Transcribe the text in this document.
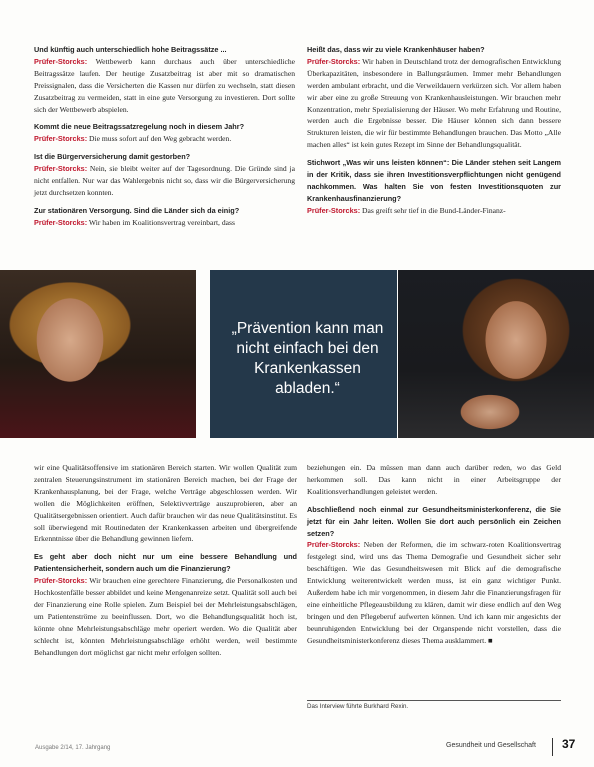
Und künftig auch unterschiedlich hohe Beitragssätze ...

Prüfer-Storcks: Wettbewerb kann durchaus auch über unterschiedliche Beitragssätze laufen. Der heutige Zusatzbeitrag ist aber mit so dramatischen Preissignalen, dass die Versicherten die Kassen nur dürfen zu wechseln, statt diesen Zusatzbeitrag zu vermeiden, statt in eine gute Versorgung zu investieren. Dort sollte sich der Wettbewerb abspielen.

Kommt die neue Beitragssatzregelung noch in diesem Jahr?

Prüfer-Storcks: Die muss sofort auf den Weg gebracht werden.

Ist die Bürgerversicherung damit gestorben?

Prüfer-Storcks: Nein, sie bleibt weiter auf der Tagesordnung. Die Gründe sind ja nicht entfallen. Nur war das Wahlergebnis nicht so, dass wir die Bürgerversicherung jetzt durchsetzen konnten.

Zur stationären Versorgung. Sind die Länder sich da einig?

Prüfer-Storcks: Wir haben im Koalitionsvertrag vereinbart, dass

Heißt das, dass wir zu viele Krankenhäuser haben?

Prüfer-Storcks: Wir haben in Deutschland trotz der demografischen Entwicklung Überkapazitäten, insbesondere in Ballungsräumen. Immer mehr Behandlungen werden ambulant erbracht, und die Verweildauern verkürzen sich. Vor allem haben wir aber eine zu große Streuung von Krankenhausleistungen. Wir brauchen mehr Konzentration, mehr Spezialisierung der Häuser. Wo mehr Erfahrung und Routine, werden auch die Ergebnisse besser. Die Häuser können sich dann bessere Strukturen leisten, die wir für bestimmte Behandlungen brauchen. Das Motto „Alle machen alles“ ist kein gutes Rezept im Sinne der Behandlungsqualität.

Stichwort „Was wir uns leisten können“: Die Länder stehen seit Langem in der Kritik, dass sie ihren Investitionsverpflichtungen nicht genügend nachkommen. Was halten Sie von festen Investitionsquoten zur Krankenhausfinanzierung?

Prüfer-Storcks: Das greift sehr tief in die Bund-Länder-Finanz-

„Prävention kann man nicht einfach bei den Krankenkassen abladen.“

wir eine Qualitätsoffensive im stationären Bereich starten. Wir wollen Qualität zum zentralen Steuerungsinstrument im stationären Bereich machen, bei der Frage der Krankenhausplanung, bei der Frage, welche Verträge abgeschlossen werden. Wir wollen die Möglichkeiten eröffnen, Selektivverträge auszuprobieren, aber an Qualitätsergebnissen orientiert. Auch dafür brauchen wir das neue Qualitätsinstitut. Es soll überwiegend mit Routinedaten der Krankenkassen arbeiten und übergreifende Erkenntnisse über die Behandlung gewinnen liefern.

Es geht aber doch nicht nur um eine bessere Behandlung und Patientensicherheit, sondern auch um die Finanzierung?

Prüfer-Storcks: Wir brauchen eine gerechtere Finanzierung, die Personalkosten und Hochkostenfälle besser abbildet und keine Mengenanreize setzt. Qualität soll auch bei der Finanzierung eine Rolle spielen. Zum Beispiel bei der Mehrleistungsabschlägen, um Patientenströme zu beeinflussen. Dort, wo die Behandlungsqualität hoch ist, könnte ohne Mehrleistungsabschläge mehr operiert werden. Wo die Qualität aber schlecht ist, könnten Mehrleistungsabschläge erhöht werden, weil bestimmte Behandlungen dort möglichst gar nicht mehr erfolgen sollten.

beziehungen ein. Da müssen man dann auch darüber reden, wo das Geld herkommen soll. Das kann nicht in einer Arbeitsgruppe der Koalitionsverhandlungen geleistet werden.

Abschließend noch einmal zur Gesundheitsministerkonferenz, die Sie jetzt für ein Jahr leiten. Wollen Sie dort auch persönlich ein Zeichen setzen?

Prüfer-Storcks: Neben der Reformen, die im schwarz-roten Koalitionsvertrag festgelegt sind, wird uns das Thema Demografie und Gesundheit sicher sehr beschäftigen. Wie das Gesundheitswesen mit Blick auf die demografische Entwicklung weiterentwickelt werden muss, ist ein ganz wichtiger Punkt. Außerdem habe ich mir vorgenommen, in diesem Jahr die Finanzierungsfragen für eine einheitliche Pflegeausbildung zu klären, damit wir diese endlich auf den Weg bringen und den Pflegeberuf aufwerten können. Und ich kann mir angesichts der beunruhigenden Entwicklung bei der Organspende nicht vorstellen, dass die Gesundheitsministerkonferenz dieses Thema ausklammert. ■

Das Interview führte Burkhard Rexin.
Ausgabe 2/14, 17. Jahrgang	Gesundheit und Gesellschaft 37
